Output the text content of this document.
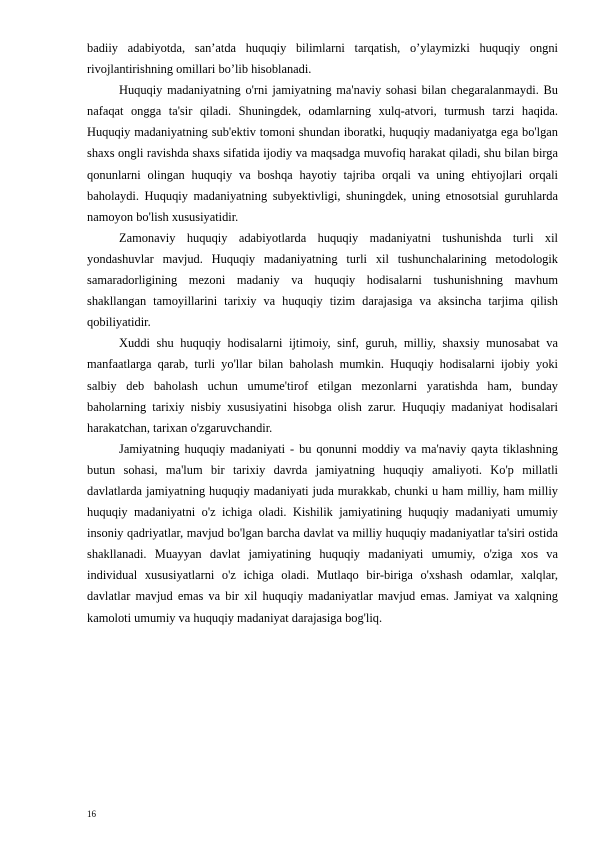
badiiy adabiyotda, san’atda huquqiy bilimlarni tarqatish, o’ylaymizki huquqiy ongni rivojlantirishning omillari bo’lib hisoblanadi.

Huquqiy madaniyatning o'rni jamiyatning ma'naviy sohasi bilan chegaralanmaydi. Bu nafaqat ongga ta'sir qiladi. Shuningdek, odamlarning xulq-atvori, turmush tarzi haqida. Huquqiy madaniyatning sub'ektiv tomoni shundan iboratki, huquqiy madaniyatga ega bo'lgan shaxs ongli ravishda shaxs sifatida ijodiy va maqsadga muvofiq harakat qiladi, shu bilan birga qonunlarni olingan huquqiy va boshqa hayotiy tajriba orqali va uning ehtiyojlari orqali baholaydi. Huquqiy madaniyatning subyektivligi, shuningdek, uning etnosotsial guruhlarda namoyon bo'lish xususiyatidir.

Zamonaviy huquqiy adabiyotlarda huquqiy madaniyatni tushunishda turli xil yondashuvlar mavjud. Huquqiy madaniyatning turli xil tushunchalarining metodologik samaradorligining mezoni madaniy va huquqiy hodisalarni tushunishning mavhum shakllangan tamoyillarini tarixiy va huquqiy tizim darajasiga va aksincha tarjima qilish qobiliyatidir.

Xuddi shu huquqiy hodisalarni ijtimoiy, sinf, guruh, milliy, shaxsiy munosabat va manfaatlarga qarab, turli yo'llar bilan baholash mumkin. Huquqiy hodisalarni ijobiy yoki salbiy deb baholash uchun umume'tirof etilgan mezonlarni yaratishda ham, bunday baholarning tarixiy nisbiy xususiyatini hisobga olish zarur. Huquqiy madaniyat hodisalari harakatchan, tarixan o'zgaruvchandir.

Jamiyatning huquqiy madaniyati - bu qonunni moddiy va ma'naviy qayta tiklashning butun sohasi, ma'lum bir tarixiy davrda jamiyatning huquqiy amaliyoti. Ko'p millatli davlatlarda jamiyatning huquqiy madaniyati juda murakkab, chunki u ham milliy, ham milliy huquqiy madaniyatni o'z ichiga oladi. Kishilik jamiyatining huquqiy madaniyati umumiy insoniy qadriyatlar, mavjud bo'lgan barcha davlat va milliy huquqiy madaniyatlar ta'siri ostida shakllanadi. Muayyan davlat jamiyatining huquqiy madaniyati umumiy, o'ziga xos va individual xususiyatlarni o'z ichiga oladi. Mutlaqo bir-biriga o'xshash odamlar, xalqlar, davlatlar mavjud emas va bir xil huquqiy madaniyatlar mavjud emas. Jamiyat va xalqning kamoloti umumiy va huquqiy madaniyat darajasiga bog'liq.

16
